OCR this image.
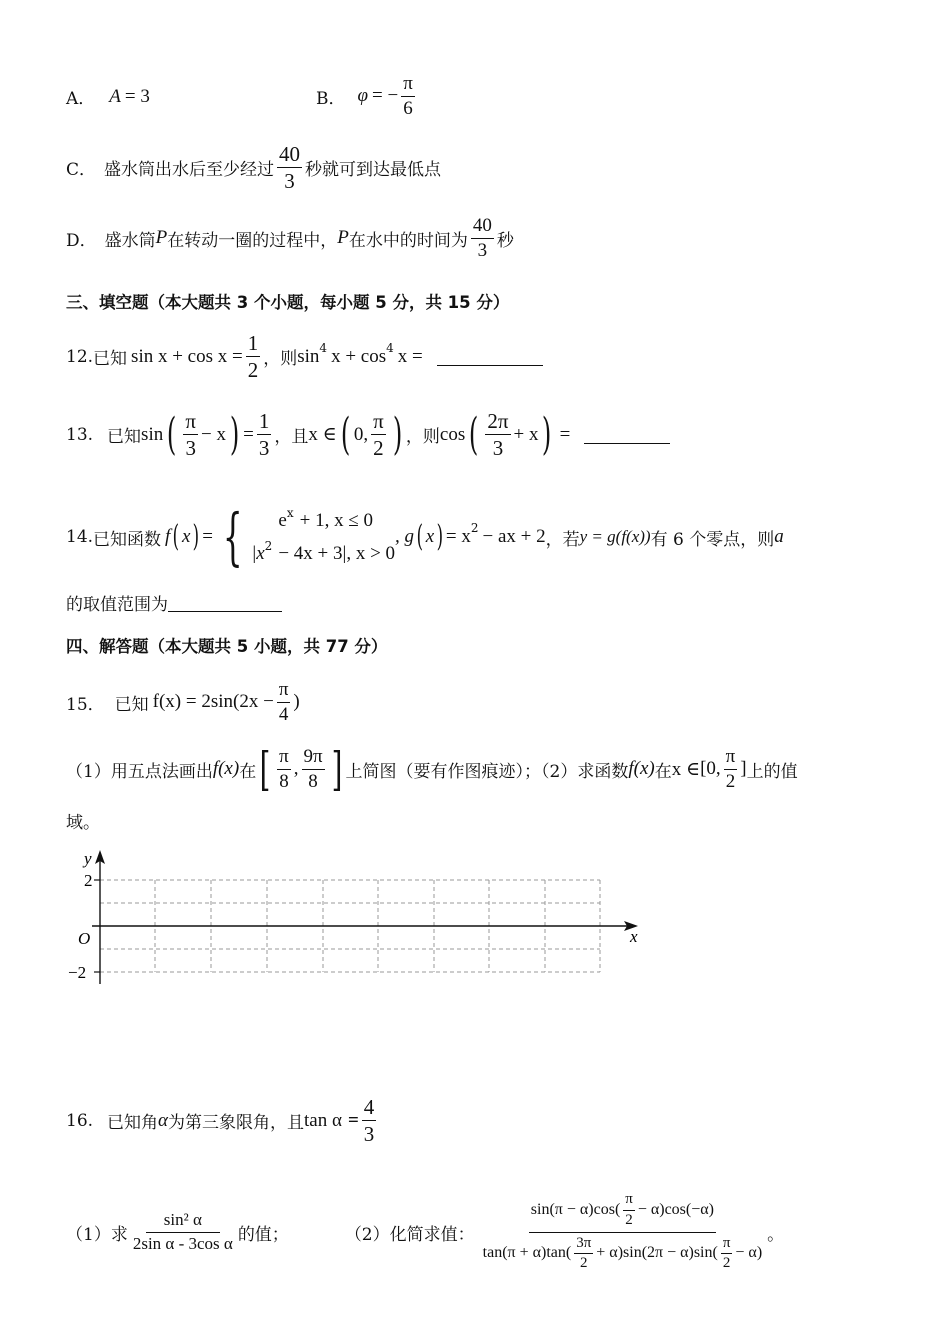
A． A = 3	B． φ = − $\frac{\pi}{6}$
C． 盛水筒出水后至少经过 $\frac{40}{3}$ 秒就可到达最低点
D． 盛水筒 P 在转动一圈的过程中， P 在水中的时间为 $\frac{40}{3}$ 秒
三、填空题（本大题共 3 个小题，每小题 5 分，共 15 分）
12. 已知 $\sin x + \cos x = \frac{1}{2}$ ，则 sin 4 x + cos 4 x =
13. 已知 sin ( $\frac{\pi}{3} - x$ ) = $\frac{1}{3}$ ，且 x ∈ ( 0, $\frac{\pi}{2}$ ) ，则 cos ( $\frac{2\pi}{3} + x$ ) =
14. 已知函数 f ( x ) = { $e^x + 1$, x ≤ 0
$|x^2 - 4x + 3|$, x > 0
, g ( x ) = x 2 − ax + 2 ，若 y = g(f(x)) 有 6 个零点，则 a
的取值范围为
四、解答题（本大题共 5 小题，共 77 分）
15． 已知 $f(x) = 2\sin(2x - \frac{\pi}{4}$ )
（1）用五点法画出 f(x) 在 [ $\frac{\pi}{8}$ , $\frac{9\pi}{8}$ ] 上简图（要有作图痕迹）；（2）求函数 f(x) 在 x ∈ [0, $\frac{\pi}{2}$ ] 上的值
域。
y
x
O
2
−2
16. 已知角 α 为第三象限角，且 $\tan \alpha = \frac{4}{3}$
（1）求 $\frac{\text{sin² α}}{\text{2sin α - 3cos α}}$ 的值；	（2）化简求值：
$\sin(\pi - \alpha)\cos( \frac{\pi}{2} - \alpha)\cos(-\alpha)$
$\tan(\pi + \alpha)\tan( \frac{3\pi}{2} + \alpha)\sin(2\pi - \alpha)\sin( \frac{\pi}{2} - \alpha)$
。
